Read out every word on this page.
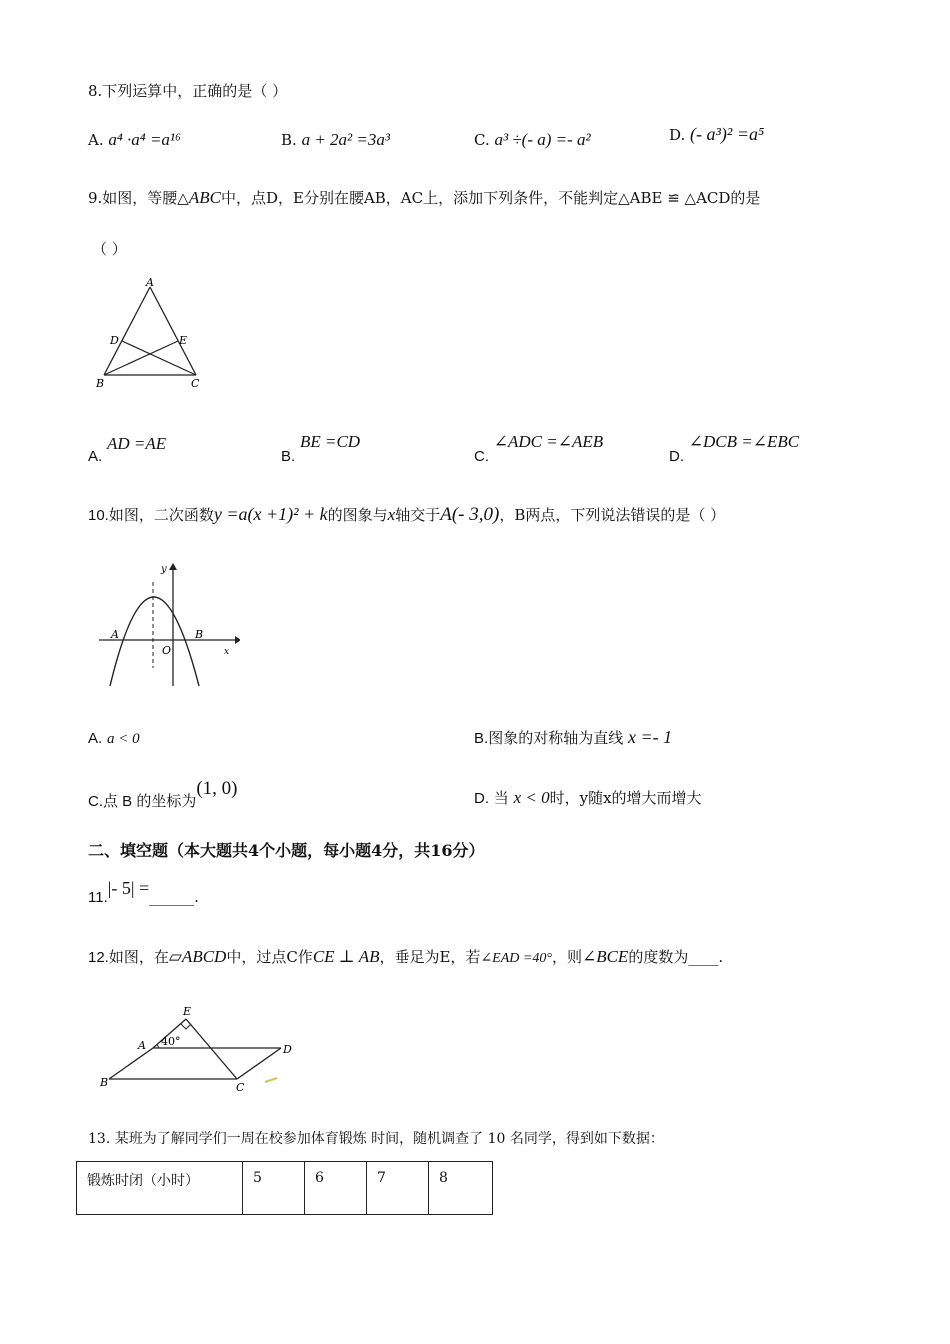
8.下列运算中，正确的是（ ）
A. a⁴ ·a⁴ =a¹⁶	B. a + 2a² =3a³	C. a³ ÷(- a) =- a²	D. (- a³)² =a⁵
9.如图，等腰△ABC中，点D，E分别在腰AB，AC上，添加下列条件，不能判定△ABE ≌ △ACD的是
（ ）
A
D	E
B	C
A. AD =AE
B. BE =CD
C. ∠ADC =∠AEB
D. ∠DCB =∠EBC
10.如图，二次函数y =a(x +1)² + k的图象与x轴交于A(- 3,0)，B两点，下列说法错误的是（ ）
y
A
O
B
x
A. a < 0	B.图象的对称轴为直线 x =- 1
C.点 B 的坐标为(1, 0)	D. 当 x < 0时，y随x的增大而增大
二、填空题（本大题共4个小题，每小题4分，共16分）
11.|- 5| =______.
12.如图，在▱ABCD中，过点C作CE ⊥ AB，垂足为E，若∠EAD =40°，则∠BCE的度数为____.
E
A 40°
B	C
D
13. 某班为了解同学们一周在校参加体育锻炼 时间，随机调查了 10 名同学，得到如下数据：
锻炼时闭（小时）	5	6	7	8
